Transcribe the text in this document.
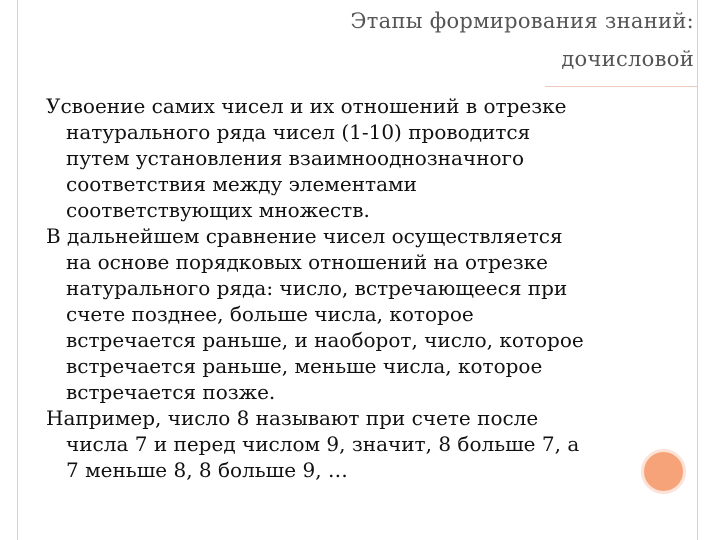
Этапы формирования знаний:
дочисловой
Усвоение самих чисел и их отношений в отрезке
натурального ряда чисел (1-10) проводится
путем установления взаимнооднозначного
соответствия между элементами
соответствующих множеств.
В дальнейшем сравнение чисел осуществляется
на основе порядковых отношений на отрезке
натурального ряда: число, встречающееся при
счете позднее, больше числа, которое
встречается раньше, и наоборот, число, которое
встречается раньше, меньше числа, которое
встречается позже.
Например, число 8 называют при счете после
числа 7 и перед числом 9, значит, 8 больше 7, а
7 меньше 8, 8 больше 9, …
